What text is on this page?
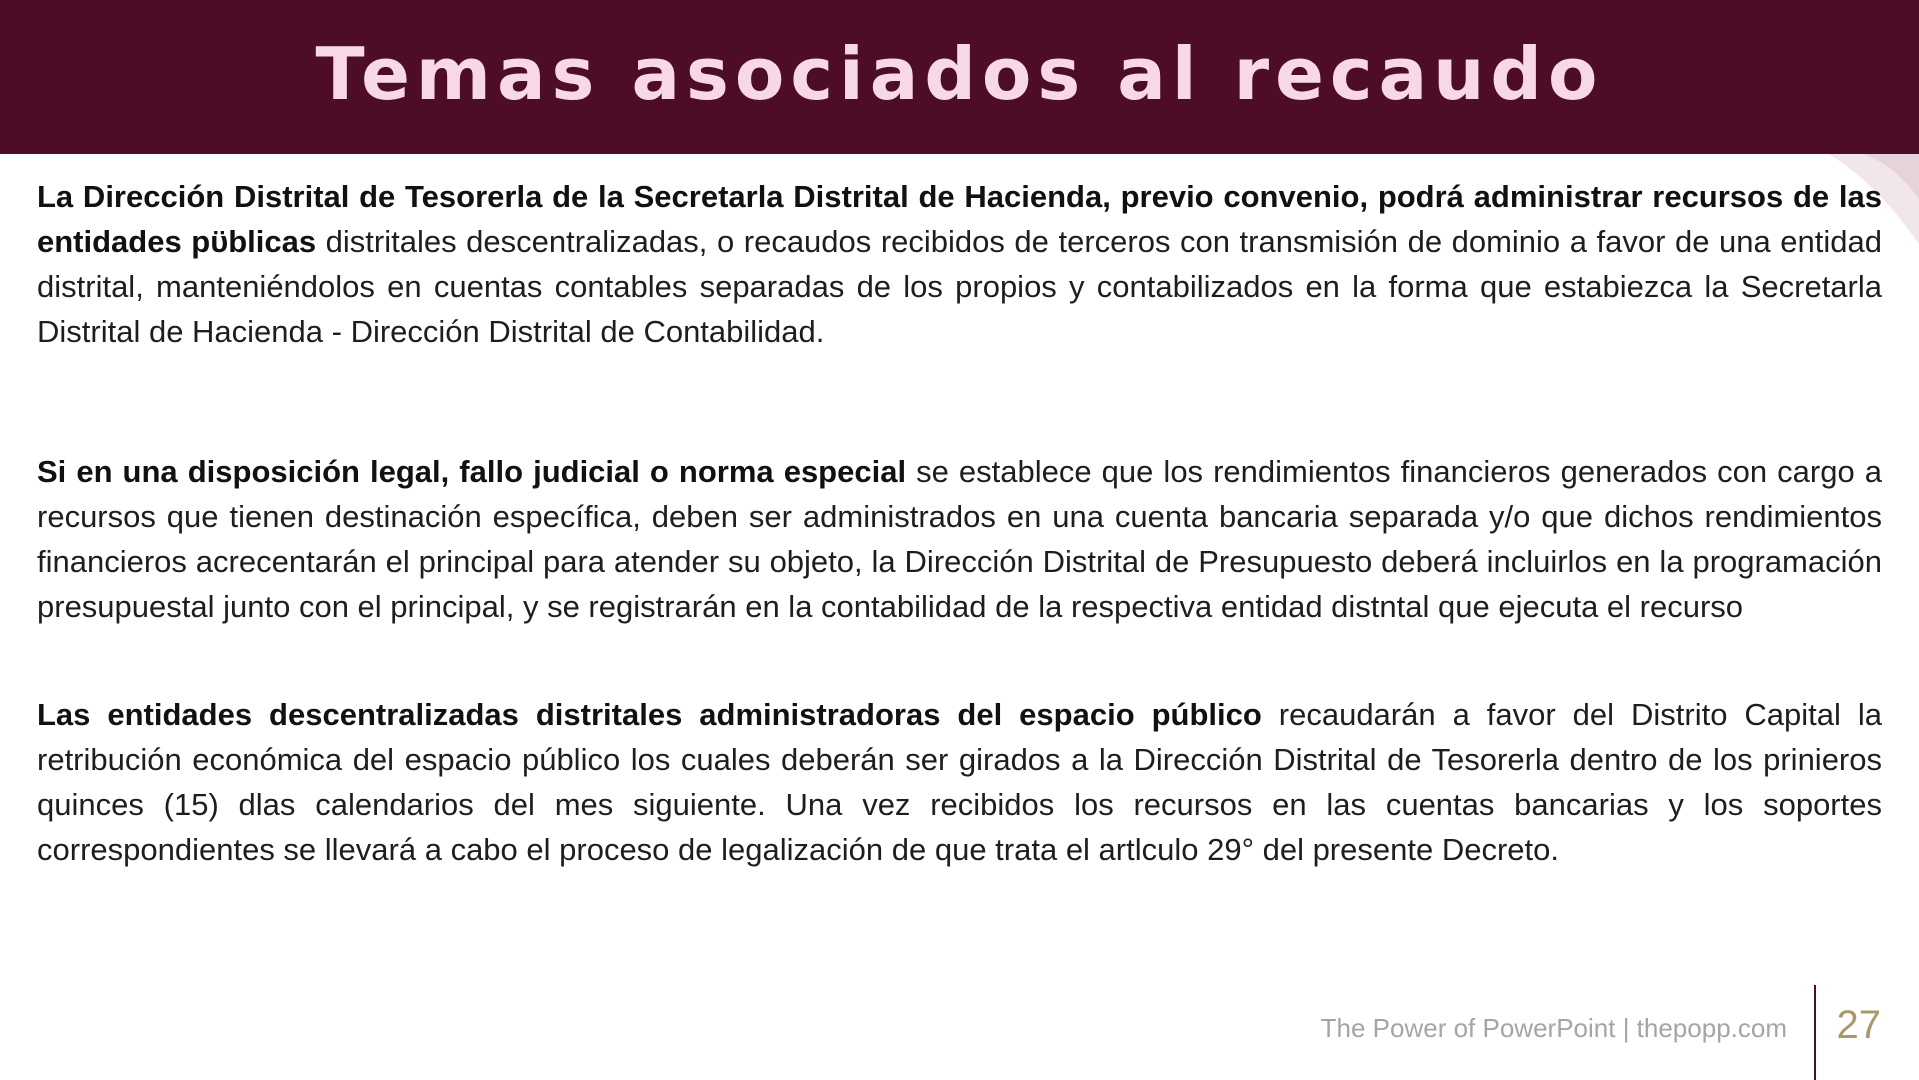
Temas asociados al recaudo

La Dirección Distrital de Tesorerla de la Secretarla Distrital de Hacienda, previo convenio, podrá administrar recursos de las entidades pϋblicas distritales descentralizadas, o recaudos recibidos de terceros con transmisión de dominio a favor de una entidad distrital, manteniéndolos en cuentas contables separadas de los propios y contabilizados en la forma que estabiezca la Secretarla Distrital de Hacienda - Dirección Distrital de Contabilidad.

Si en una disposición legal, fallo judicial o norma especial se establece que los rendimientos financieros generados con cargo a recursos que tienen destinación específica, deben ser administrados en una cuenta bancaria separada y/o que dichos rendimientos financieros acrecentarán el principal para atender su objeto, la Dirección Distrital de Presupuesto deberá incluirlos en la programación presupuestal junto con el principal, y se registrarán en la contabilidad de la respectiva entidad distntal que ejecuta el recurso

Las entidades descentralizadas distritales administradoras del espacio público recaudarán a favor del Distrito Capital la retribución económica del espacio público los cuales deberán ser girados a la Dirección Distrital de Tesorerla dentro de los prinieros quinces (15) dlas calendarios del mes siguiente. Una vez recibidos los recursos en las cuentas bancarias y los soportes correspondientes se llevará a cabo el proceso de legalización de que trata el artlculo 29° del presente Decreto.

The Power of PowerPoint | thepopp.com 27
